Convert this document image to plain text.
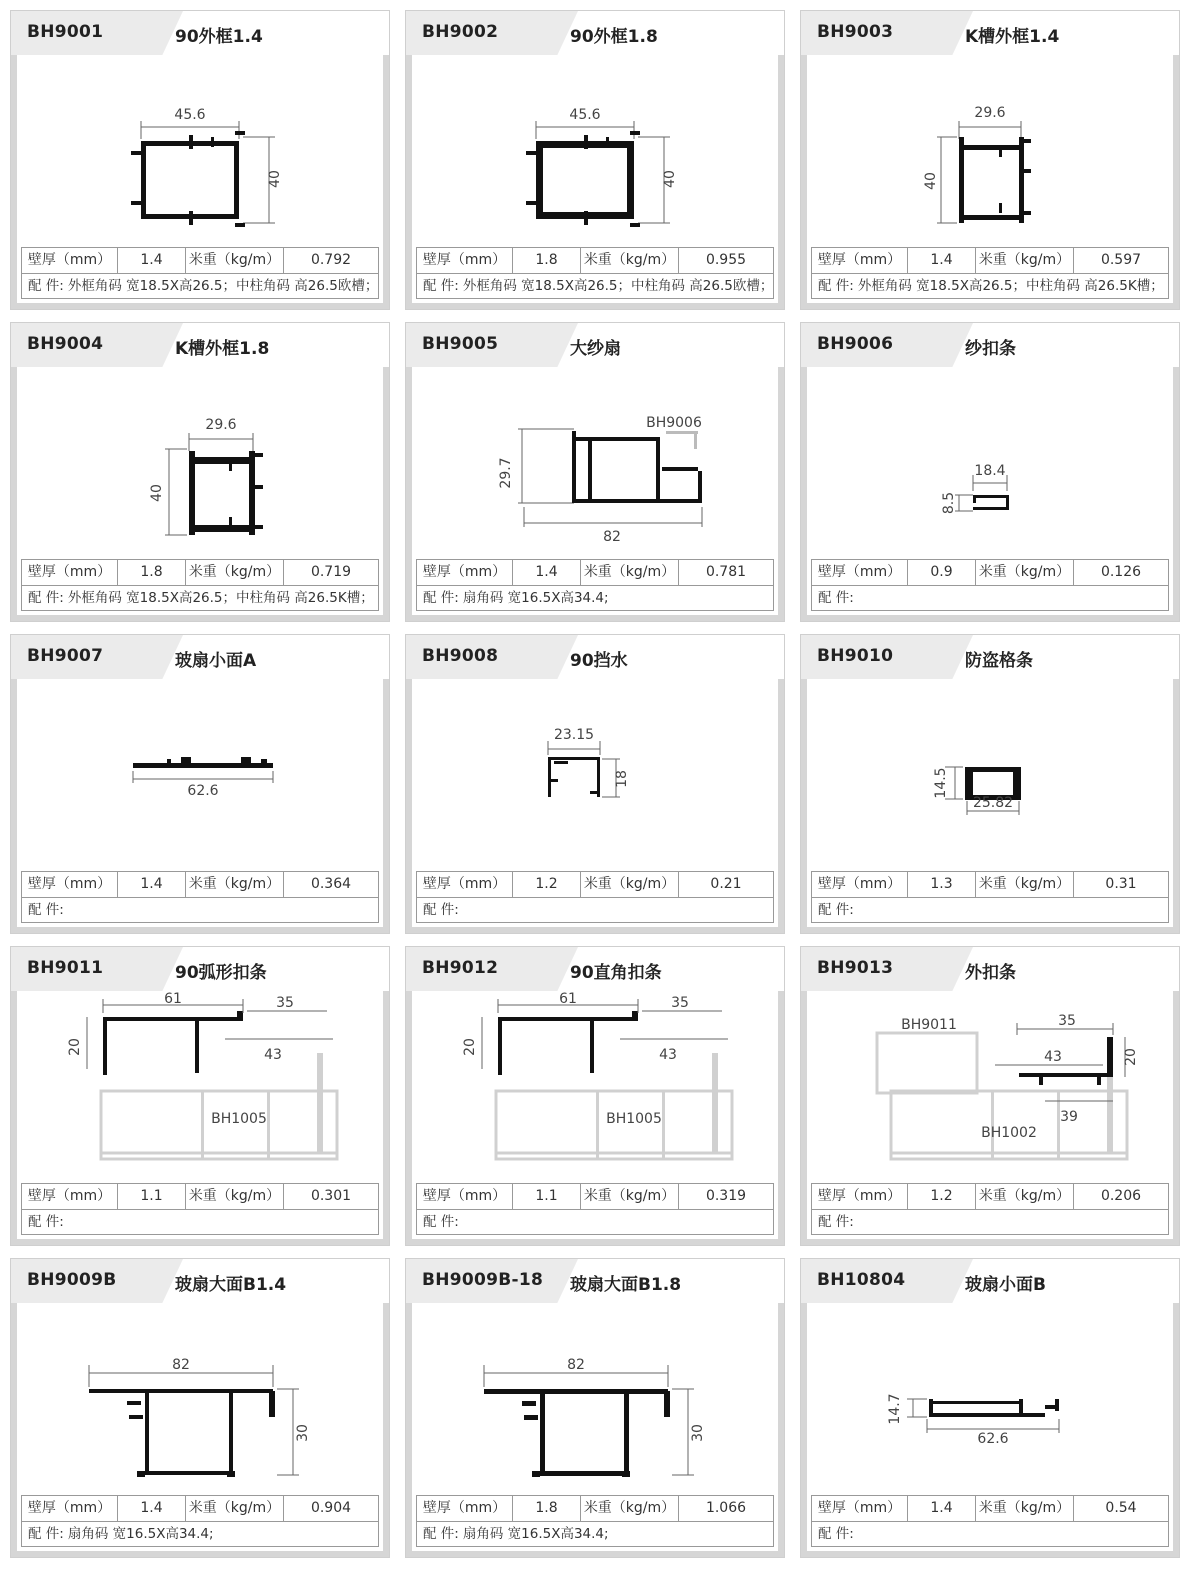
BH9001	90外框1.4
45.6
40
壁厚（mm）	1.4	米重（kg/m）	0.792
配 件: 外框角码 宽18.5X高26.5；中柱角码 高26.5欧槽；
BH9002	90外框1.8
45.6
40
壁厚（mm）	1.8	米重（kg/m）	0.955
配 件: 外框角码 宽18.5X高26.5；中柱角码 高26.5欧槽；
BH9003	K槽外框1.4
29.6
40
壁厚（mm）	1.4	米重（kg/m）	0.597
配 件: 外框角码 宽18.5X高26.5；中柱角码 高26.5K槽；
BH9004	K槽外框1.8
29.6
40
壁厚（mm）	1.8	米重（kg/m）	0.719
配 件: 外框角码 宽18.5X高26.5；中柱角码 高26.5K槽；
BH9005	大纱扇
BH9006
29.7
82
壁厚（mm）	1.4	米重（kg/m）	0.781
配 件: 扇角码 宽16.5X高34.4;
BH9006	纱扣条
18.4
8.5
壁厚（mm）	0.9	米重（kg/m）	0.126
配 件:
BH9007	玻扇小面A
62.6
壁厚（mm）	1.4	米重（kg/m）	0.364
配 件:
BH9008	90挡水
23.15
18
壁厚（mm）	1.2	米重（kg/m）	0.21
配 件:
BH9010	防盗格条
14.5
25.82
壁厚（mm）	1.3	米重（kg/m）	0.31
配 件:
BH9011	90弧形扣条
61	35
20	43
BH1005
壁厚（mm）	1.1	米重（kg/m）	0.301
配 件:
BH9012	90直角扣条
61	35
20	43
BH1005
壁厚（mm）	1.1	米重（kg/m）	0.319
配 件:
BH9013	外扣条
BH9011	35
43	20
39
BH1002
壁厚（mm）	1.2	米重（kg/m）	0.206
配 件:
BH9009B	玻扇大面B1.4
82
30
壁厚（mm）	1.4	米重（kg/m）	0.904
配 件: 扇角码 宽16.5X高34.4;
BH9009B-18 玻扇大面B1.8
82
30
壁厚（mm）	1.8	米重（kg/m）	1.066
配 件: 扇角码 宽16.5X高34.4;
BH10804	玻扇小面B
14.7
62.6
壁厚（mm）	1.4	米重（kg/m）	0.54
配 件:
